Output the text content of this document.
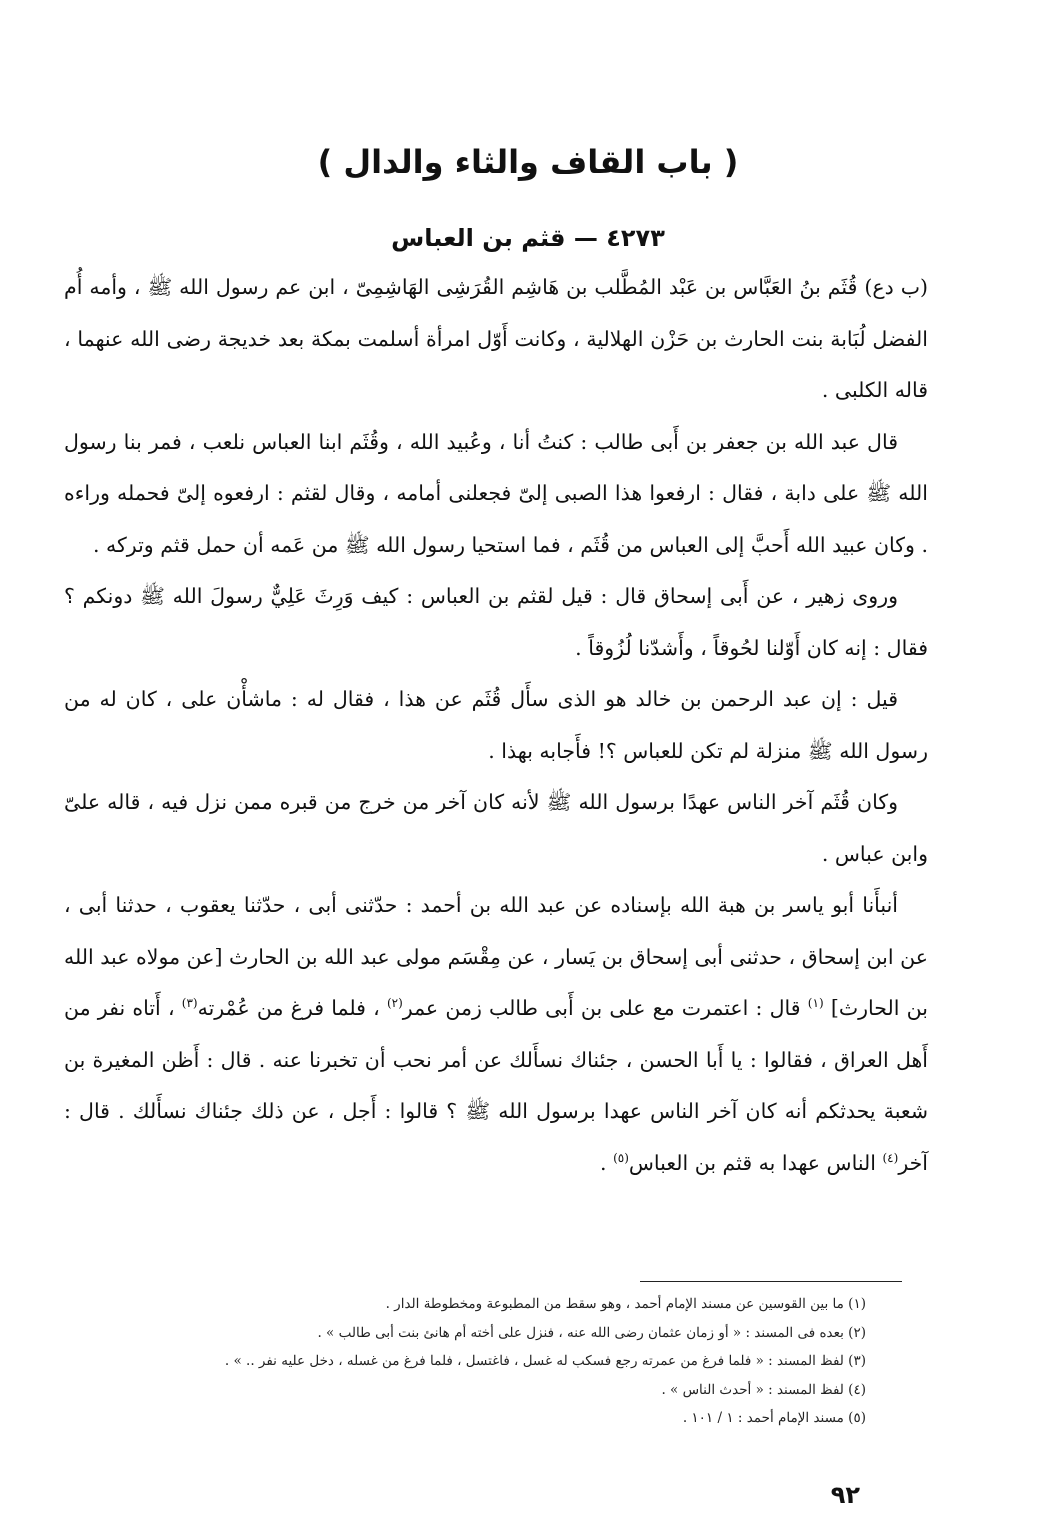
( باب القاف والثاء والدال )
٤٢٧٣ — قثم بن العباس

(ب دع) قُثَم بنُ العَبَّاس بن عَبْد المُطَّلب بن هَاشِم القُرَشِى الهَاشِمِىّ ، ابن عم رسول الله ﷺ ، وأمه أُم الفضل لُبَابة بنت الحارث بن حَزْن الهلالية ، وكانت أَوّل امرأة أسلمت بمكة بعد خديجة رضى الله عنهما ، قاله الكلبى .

قال عبد الله بن جعفر بن أَبى طالب : كنتُ أنا ، وعُبيد الله ، وقُثَم ابنا العباس نلعب ، فمر بنا رسول الله ﷺ على دابة ، فقال : ارفعوا هذا الصبى إلىّ فجعلنى أمامه ، وقال لقثم : ارفعوه إلىّ فحمله وراءه . وكان عبيد الله أَحبَّ إلى العباس من قُثَم ، فما استحيا رسول الله ﷺ من عَمه أن حمل قثم وتركه .

وروى زهير ، عن أَبى إسحاق قال : قيل لقثم بن العباس : كيف وَرِثَ عَلِيٌّ رسولَ الله ﷺ دونكم ؟ فقال : إنه كان أَوّلنا لحُوقاً ، وأَشدّنا لُزُوقاً .

قيل : إن عبد الرحمن بن خالد هو الذى سأَل قُثَم عن هذا ، فقال له : ماشأْن على ، كان له من رسول الله ﷺ منزلة لم تكن للعباس ؟! فأَجابه بهذا .

وكان قُثَم آخر الناس عهدًا برسول الله ﷺ لأنه كان آخر من خرج من قبره ممن نزل فيه ، قاله علىّ وابن عباس .

أنبأَنا أبو ياسر بن هبة الله بإسناده عن عبد الله بن أحمد : حدّثنى أبى ، حدّثنا يعقوب ، حدثنا أبى ، عن ابن إسحاق ، حدثنى أبى إسحاق بن يَسار ، عن مِقْسَم مولى عبد الله بن الحارث [عن مولاه عبد الله بن الحارث] $^{(١)}$ قال : اعتمرت مع على بن أَبى طالب زمن عمر$^{(٢)}$ ، فلما فرغ من عُمْرته$^{(٣)}$ ، أَتاه نفر من أَهل العراق ، فقالوا : يا أَبا الحسن ، جئناك نسأَلك عن أمر نحب أن تخبرنا عنه . قال : أَظن المغيرة بن شعبة يحدثكم أنه كان آخر الناس عهدا برسول الله ﷺ ؟ قالوا : أَجل ، عن ذلك جئناك نسأَلك . قال : آخر$^{(٤)}$ الناس عهدا به قثم بن العباس$^{(٥)}$ .

(١) ما بين القوسين عن مسند الإمام أحمد ، وهو سقط من المطبوعة ومخطوطة الدار .
(٢) بعده فى المسند : « أو زمان عثمان رضى الله عنه ، فنزل على أخته أم هانئ بنت أبى طالب » .
(٣) لفظ المسند : « فلما فرغ من عمرته رجع فسكب له غسل ، فاغتسل ، فلما فرغ من غسله ، دخل عليه نفر .. » .
(٤) لفظ المسند : « أحدث الناس » .
(٥) مسند الإمام أحمد : ١ / ١٠١ .
٩٢
